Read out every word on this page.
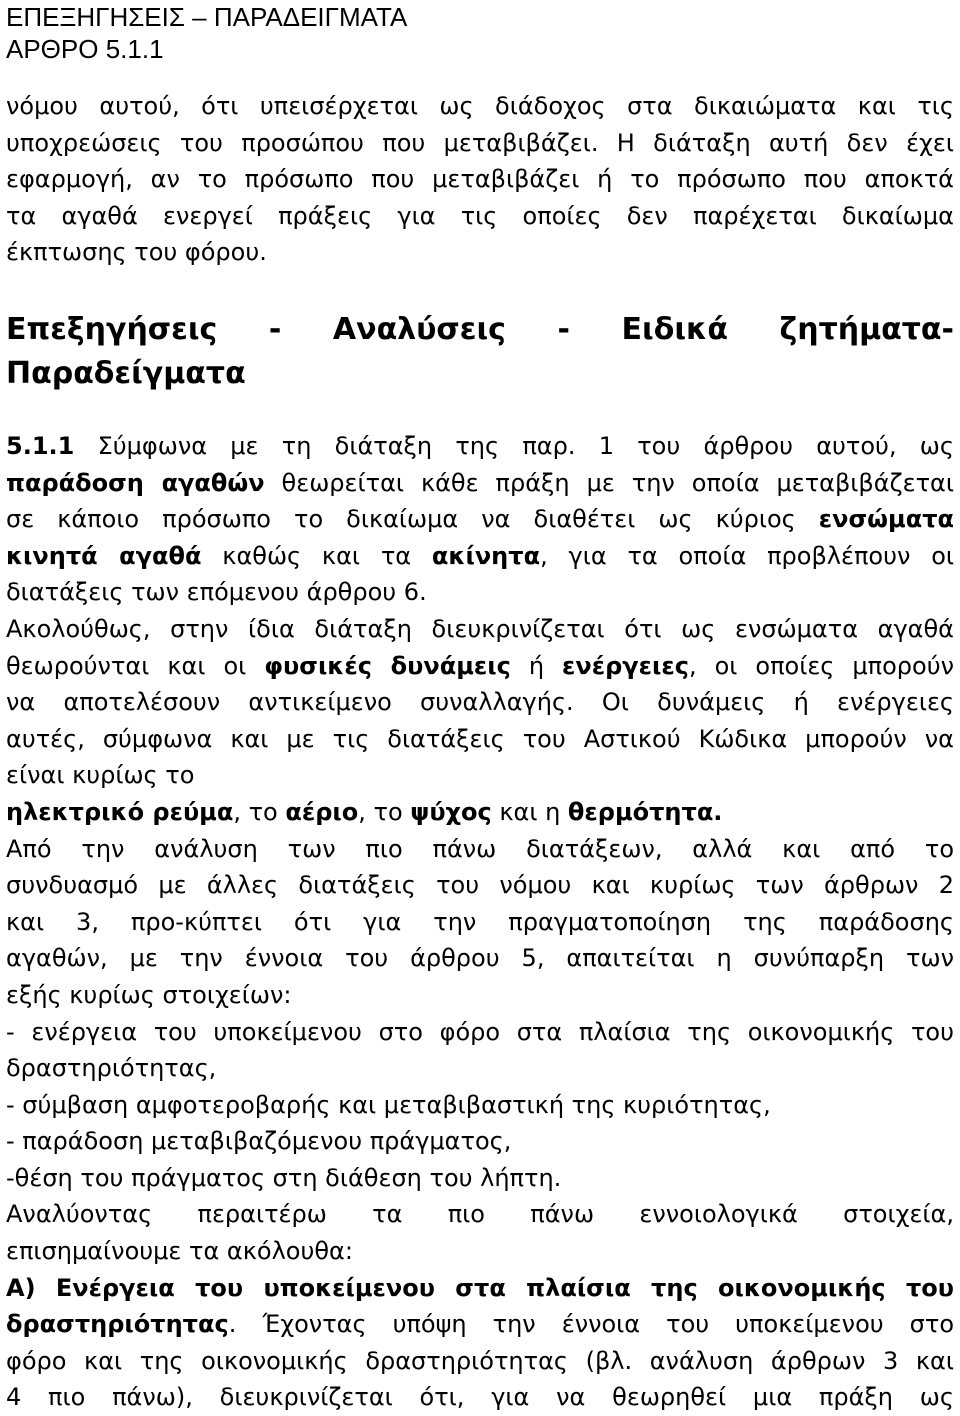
ΕΠΕΞΗΓΗΣΕΙΣ – ΠΑΡΑΔΕΙΓΜΑΤΑ
ΑΡΘΡΟ 5.1.1
νόμου αυτού, ότι υπεισέρχεται ως διάδοχος στα δικαιώματα και τις
υποχρεώσεις του προσώπου που μεταβιβάζει. Η διάταξη αυτή δεν έχει
εφαρμογή, αν το πρόσωπο που μεταβιβάζει ή το πρόσωπο που αποκτά
τα αγαθά ενεργεί πράξεις για τις οποίες δεν παρέχεται δικαίωμα
έκπτωσης του φόρου.
Επεξηγήσεις - Αναλύσεις - Ειδικά ζητήματα-
Παραδείγματα
5.1.1 Σύμφωνα με τη διάταξη της παρ. 1 του άρθρου αυτού, ως
παράδοση αγαθών θεωρείται κάθε πράξη με την οποία μεταβιβάζεται
σε κάποιο πρόσωπο το δικαίωμα να διαθέτει ως κύριος ενσώματα
κινητά αγαθά καθώς και τα ακίνητα, για τα οποία προβλέπουν οι
διατάξεις των επόμενου άρθρου 6.
Ακολούθως, στην ίδια διάταξη διευκρινίζεται ότι ως ενσώματα αγαθά
θεωρούνται και οι φυσικές δυνάμεις ή ενέργειες, οι οποίες μπορούν
να αποτελέσουν αντικείμενο συναλλαγής. Οι δυνάμεις ή ενέργειες
αυτές, σύμφωνα και με τις διατάξεις του Αστικού Κώδικα μπορούν να
είναι κυρίως το
ηλεκτρικό ρεύμα, το αέριο, το ψύχος και η θερμότητα.
Από την ανάλυση των πιο πάνω διατάξεων, αλλά και από το
συνδυασμό με άλλες διατάξεις του νόμου και κυρίως των άρθρων 2
και 3, προ-κύπτει ότι για την πραγματοποίηση της παράδοσης
αγαθών, με την έννοια του άρθρου 5, απαιτείται η συνύπαρξη των
εξής κυρίως στοιχείων:
- ενέργεια του υποκείμενου στο φόρο στα πλαίσια της οικονομικής του
δραστηριότητας,
- σύμβαση αμφοτεροβαρής και μεταβιβαστική της κυριότητας,
- παράδοση μεταβιβαζόμενου πράγματος,
-θέση του πράγματος στη διάθεση του λήπτη.
Αναλύοντας περαιτέρω τα πιο πάνω εννοιολογικά στοιχεία,
επισημαίνουμε τα ακόλουθα:
Α) Ενέργεια του υποκείμενου στα πλαίσια της οικονομικής του
δραστηριότητας. Έχοντας υπόψη την έννοια του υποκείμενου στο
φόρο και της οικονομικής δραστηριότητας (βλ. ανάλυση άρθρων 3 και
4 πιο πάνω), διευκρινίζεται ότι, για να θεωρηθεί μια πράξη ως
